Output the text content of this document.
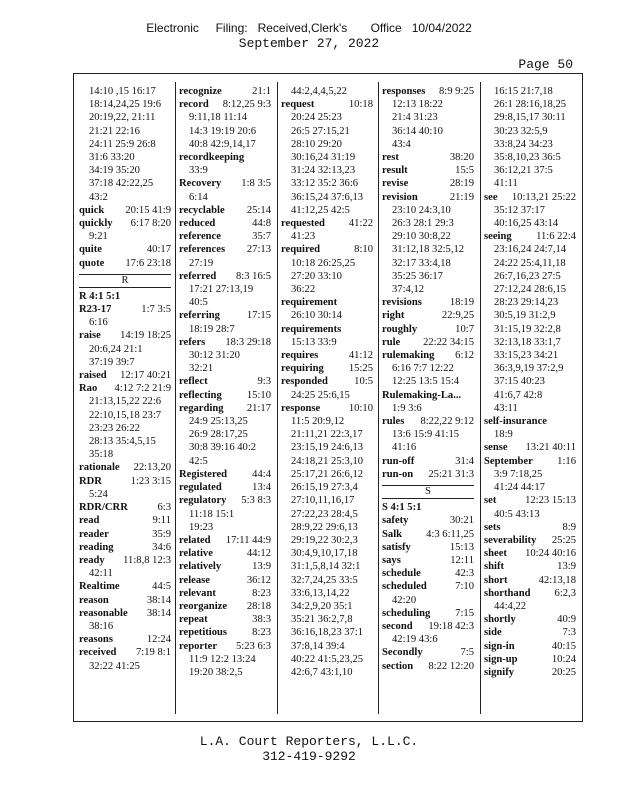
Electronic     Filing:   Received,Clerk's       Office   10/04/2022
September 27, 2022
Page 50
14:10 ,15 16:17
18:14,24,25 19:6
20:19,22, 21:11
21:21 22:16
24:11 25:9 26:8
31:6 33:20
34:19 35:20
37:18 42:22,25
43:2
quick 20:15 41:9
quickly 6:17 8:20
9:21
quite	40:17
quote 17:6 23:18
R
R 4:1 5:1
R23-17	1:7 3:5
6:16
raise 14:19 18:25
20:6,24 21:1
37:19 39:7
raised 12:17 40:21
Rao 4:12 7:2 21:9
21:13,15,22 22:6
22:10,15,18 23:7
23:23 26:22
28:13 35:4,5,15
35:18
rationale 22:13,20
RDR	1:23 3:15
5:24
RDR/CRR	6:3
read	9:11
reader	35:9
reading	34:6
ready 11:8,8 12:3
42:11
Realtime	44:5
reason	38:14
reasonable 38:14
38:16
reasons	12:24
received 7:19 8:1
32:22 41:25
recognize	21:1
record 8:12,25 9:3
9:11,18 11:14
14:3 19:19 20:6
40:8 42:9,14,17
recordkeeping
33:9
Recovery 1:8 3:5
6:14
recyclable 25:14
reduced	44:8
reference	35:7
references 27:13
27:19
referred 8:3 16:5
17:21 27:13,19
40:5
referring	17:15
18:19 28:7
refers 18:3 29:18
30:12 31:20
32:21
reflect	9:3
reflecting 15:10
regarding 21:17
24:9 25:13,25
26:9 28:17,25
30:8 39:16 40:2
42:5
Registered 44:4
regulated	13:4
regulatory 5:3 8:3
11:18 15:1
19:23
related 17:11 44:9
relative	44:12
relatively	13:9
release	36:12
relevant	8:23
reorganize 28:18
repeat	38:3
repetitious 8:23
reporter 5:23 6:3
11:9 12:2 13:24
19:20 38:2,5
44:2,4,4,5,22
request	10:18
20:24 25:23
26:5 27:15,21
28:10 29:20
30:16,24 31:19
31:24 32:13,23
33:12 35:2 36:6
36:15,24 37:6,13
41:12,25 42:5
requested 41:22
41:23
required	8:10
10:18 26:25,25
27:20 33:10
36:22
requirement
26:10 30:14
requirements
15:13 33:9
requires	41:12
requiring 15:25
responded 10:5
24:25 25:6,15
response	10:10
11:5 20:9,12
21:11,21 22:3,17
23:15,19 24:6,13
24:18,21 25:3,10
25:17,21 26:6,12
26:15,19 27:3,4
27:10,11,16,17
27:22,23 28:4,5
28:9,22 29:6,13
29:19,22 30:2,3
30:4,9,10,17,18
31:1,5,8,14 32:1
32:7,24,25 33:5
33:6,13,14,22
34:2,9,20 35:1
35:21 36:2,7,8
36:16,18,23 37:1
37:8,14 39:4
40:22 41:5,23,25
42:6,7 43:1,10
responses 8:9 9:25
12:13 18:22
21:4 31:23
36:14 40:10
43:4
rest	38:20
result	15:5
revise	28:19
revision	21:19
23:10 24:3,10
26:3 28:1 29:3
29:10 30:8,22
31:12,18 32:5,12
32:17 33:4,18
35:25 36:17
37:4,12
revisions	18:19
right	22:9,25
roughly	10:7
rule 22:22 34:15
rulemaking 6:12
6:16 7:7 12:22
12:25 13:5 15:4
Rulemaking-La...
1:9 3:6
rules 8:22,22 9:12
13:6 15:9 41:15
41:16
run-off	31:4
run-on 25:21 31:3
S
S 4:1 5:1
safety	30:21
Salk 4:3 6:11,25
satisfy	15:13
says	12:11
schedule	42:3
scheduled	7:10
42:20
scheduling 7:15
second 19:18 42:3
42:19 43:6
Secondly	7:5
section 8:22 12:20
16:15 21:7,18
26:1 28:16,18,25
29:8,15,17 30:11
30:23 32:5,9
33:8,24 34:23
35:8,10,23 36:5
36:12,21 37:5
41:11
see 10:13,21 25:22
35:12 37:17
40:16,25 43:14
seeing 11:6 22:4
23:16,24 24:7,14
24:22 25:4,11,18
26:7,16,23 27:5
27:12,24 28:6,15
28:23 29:14,23
30:5,19 31:2,9
31:15,19 32:2,8
32:13,18 33:1,7
33:15,23 34:21
36:3,9,19 37:2,9
37:15 40:23
41:6,7 42:8
43:11
self-insurance
18:9
sense 13:21 40:11
September 1:16
3:9 7:18,25
41:24 44:17
set	12:23 15:13
40:5 43:13
sets	8:9
severability 25:25
sheet 10:24 40:16
shift	13:9
short	42:13,18
shorthand 6:2,3
44:4,22
shortly	40:9
side	7:3
sign-in	40:15
sign-up	10:24
signify	20:25
L.A. Court Reporters, L.L.C.
312-419-9292
